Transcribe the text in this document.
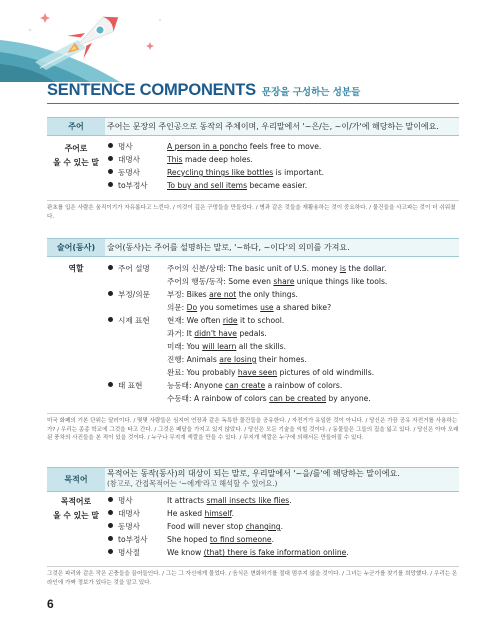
SENTENCE COMPONENTS 문장을 구성하는 성분들
주어	주어는 문장의 주인공으로 동작의 주체이며, 우리말에서 '~은/는, ~이/가'에 해당하는 말이에요.
주어로
올 수 있는 말
명사	A person in a poncho feels free to move.
대명사	This made deep holes.
동명사	Recycling things like bottles is important.
to부정사	To buy and sell items became easier.
판초를 입은 사람은 움직이기가 자유롭다고 느낀다. / 이것이 깊은 구멍들을 만들었다. / 병과 같은 것들을 재활용하는 것이 중요하다. / 물건들을 사고파는 것이 더 쉬워졌다.
술어(동사)	술어(동사)는 주어를 설명하는 말로, '~하다, ~이다'의 의미를 가져요.
역할	주어 설명 주어의 신분/상태: The basic unit of U.S. money is the dollar.
주어의 행동/동작: Some even share unique things like tools.
부정/의문 부정: Bikes are not the only things.
의문: Do you sometimes use a shared bike?
시제 표현 현재: We often ride it to school.
과거: It didn't have pedals.
미래: You will learn all the skills.
진행: Animals are losing their homes.
완료: You probably have seen pictures of old windmills.
태 표현	능동태: Anyone can create a rainbow of colors.
수동태: A rainbow of colors can be created by anyone.
미국 화폐의 기본 단위는 달러이다. / 몇몇 사람들은 심지어 연장과 같은 독특한 물건들을 공유한다. / 자전거가 유일한 것이 아니다. / 당신은 가끔 공유 자전거를 사용하는가? / 우리는 종종 학교에 그것을 타고 간다. / 그것은 페달을 가지고 있지 않았다. / 당신은 모든 기술을 익힐 것이다. / 동물들은 그들의 집을 잃고 있다. / 당신은 아마 오래된 풍차의 사진들을 본 적이 있을 것이다. / 누구나 무지개 색깔을 만들 수 있다. / 무지개 색깔은 누구에 의해서든 만들어질 수 있다.
목적어
목적어는 동작(동사)의 대상이 되는 말로, 우리말에서 '~을/를'에 해당하는 말이에요.
(참고로, 간접목적어는 '~에게'라고 해석할 수 있어요.)
목적어로
올 수 있는 말
명사	It attracts small insects like flies.
대명사	He asked himself.
동명사	Food will never stop changing.
to부정사	She hoped to find someone.
명사절	We know (that) there is fake information online.
그것은 파리와 같은 작은 곤충들을 끌어들인다. / 그는 그 자신에게 물었다. / 음식은 변화하기를 절대 멈추지 않을 것이다. / 그녀는 누군가를 찾기를 희망했다. / 우리는 온라인에 가짜 정보가 있다는 것을 알고 있다.
6
